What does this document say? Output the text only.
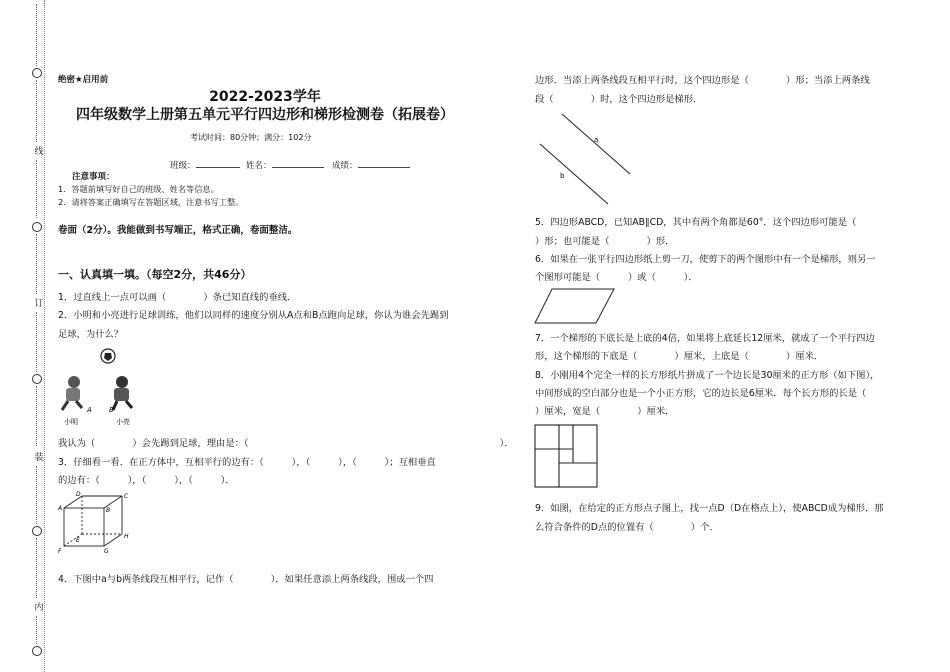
线
订
装
内
绝密★启用前
2022-2023学年
四年级数学上册第五单元平行四边形和梯形检测卷（拓展卷）
考试时间：80分钟；满分：102分
班级：	姓名：	成绩：
注意事项：
1．答题前填写好自己的班级、姓名等信息。
2．请将答案正确填写在答题区域，注意书写工整。
卷面（2分）。我能做到书写端正，格式正确，卷面整洁。
一、认真填一填。（每空2分，共46分）
1．过直线上一点可以画（　　　　）条已知直线的垂线．
2．小明和小亮进行足球训练，他们以同样的速度分别从A点和B点跑向足球，你认为谁会先踢到
足球，为什么？
A B
小明	小亮
我认为（　　　　）会先踢到足球，理由是：（　　　　　　　　　　　　　　　　　　　　　　　　　　　）．
3．仔细看一看．在正方体中，互相平行的边有：（　　　），（　　　），（　　　）；互相垂直
的边有：（　　　），（　　　），（　　　）．
A	B
C
D
E
F	G
H
4．下图中a与b两条线段互相平行，记作（　　　　）．如果任意添上两条线段，围成一个四
边形．当添上两条线段互相平行时，这个四边形是（　　　　）形；当添上两条线
段（　　　　）时，这个四边形是梯形．
a
b
5．四边形ABCD，已知AB∥CD，其中有两个角都是60°．这个四边形可能是（
）形；也可能是（　　　　）形．
6．如果在一张平行四边形纸上剪一刀，使剪下的两个图形中有一个是梯形，则另一
个图形可能是（　　　）或（　　　）．
7．一个梯形的下底长是上底的4倍，如果将上底延长12厘米，就成了一个平行四边
形，这个梯形的下底是（　　　　）厘米，上底是（　　　　）厘米．
8．小刚用4个完全一样的长方形纸片拼成了一个边长是30厘米的正方形（如下图），
中间形成的空白部分也是一个小正方形，它的边长是6厘米．每个长方形的长是（
）厘米，宽是（　　　　）厘米．
9．如图，在给定的正方形点子图上，找一点D（D在格点上），使ABCD成为梯形．那
么符合条件的D点的位置有（　　　　）个．
